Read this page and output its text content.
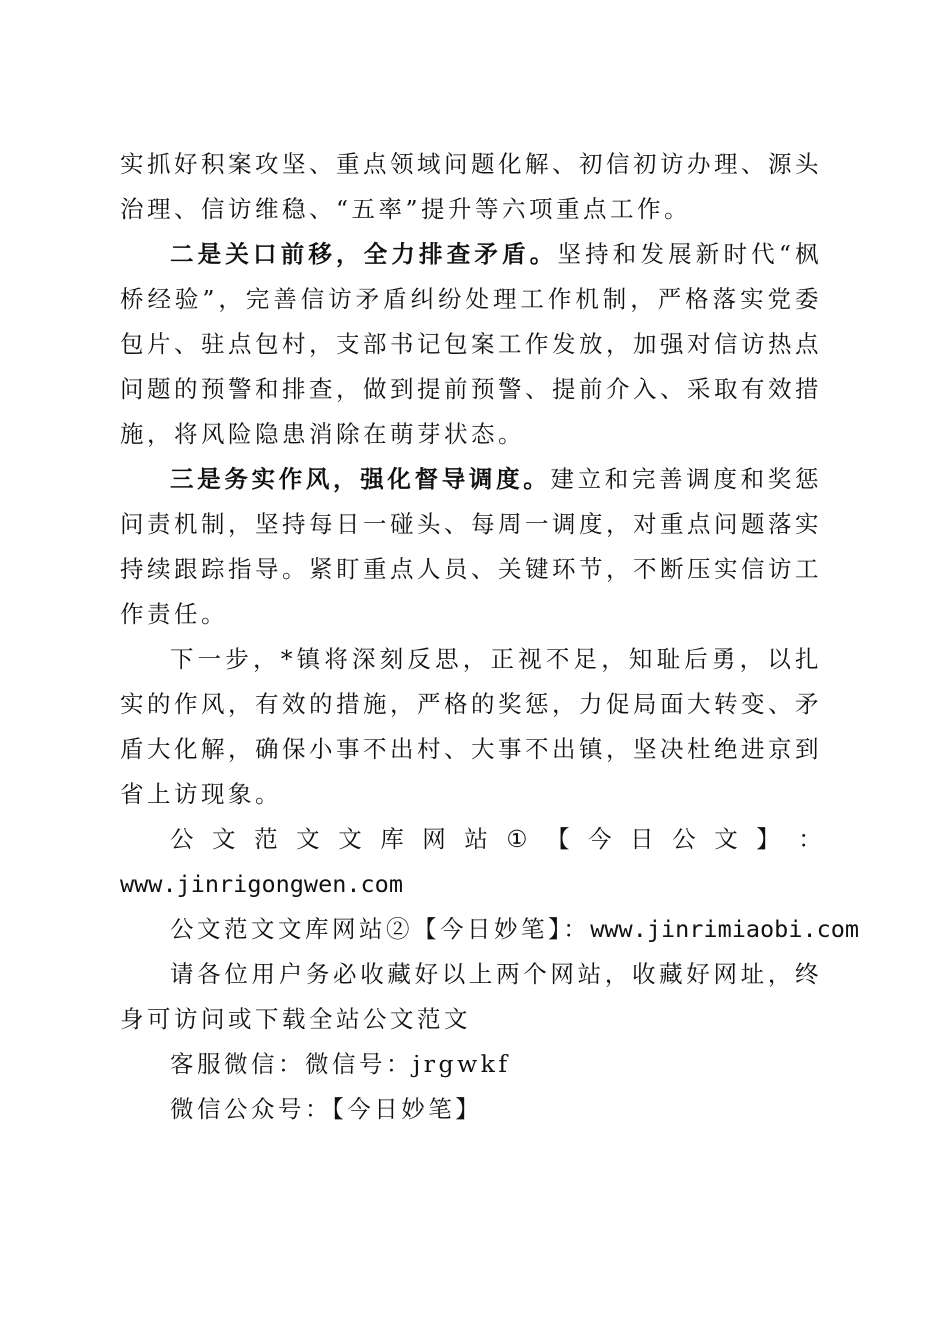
实抓好积案攻坚、重点领域问题化解、初信初访办理、源头治理、信访维稳、“五率”提升等六项重点工作。

二是关口前移，全力排查矛盾。坚持和发展新时代“枫桥经验”，完善信访矛盾纠纷处理工作机制，严格落实党委包片、驻点包村，支部书记包案工作发放，加强对信访热点问题的预警和排查，做到提前预警、提前介入、采取有效措施，将风险隐患消除在萌芽状态。

三是务实作风，强化督导调度。建立和完善调度和奖惩问责机制，坚持每日一碰头、每周一调度，对重点问题落实持续跟踪指导。紧盯重点人员、关键环节，不断压实信访工作责任。

下一步，*镇将深刻反思，正视不足，知耻后勇，以扎实的作风，有效的措施，严格的奖惩，力促局面大转变、矛盾大化解，确保小事不出村、大事不出镇，坚决杜绝进京到省上访现象。

公 文 范 文 文 库 网 站 ① 【 今 日 公 文 】 ：
www.jinrigongwen.com
公文范文文库网站②【今日妙笔】：www.jinrimiaobi.com

请各位用户务必收藏好以上两个网站，收藏好网址，终身可访问或下载全站公文范文

客服微信：微信号：jrgwkf
微信公众号：【今日妙笔】
